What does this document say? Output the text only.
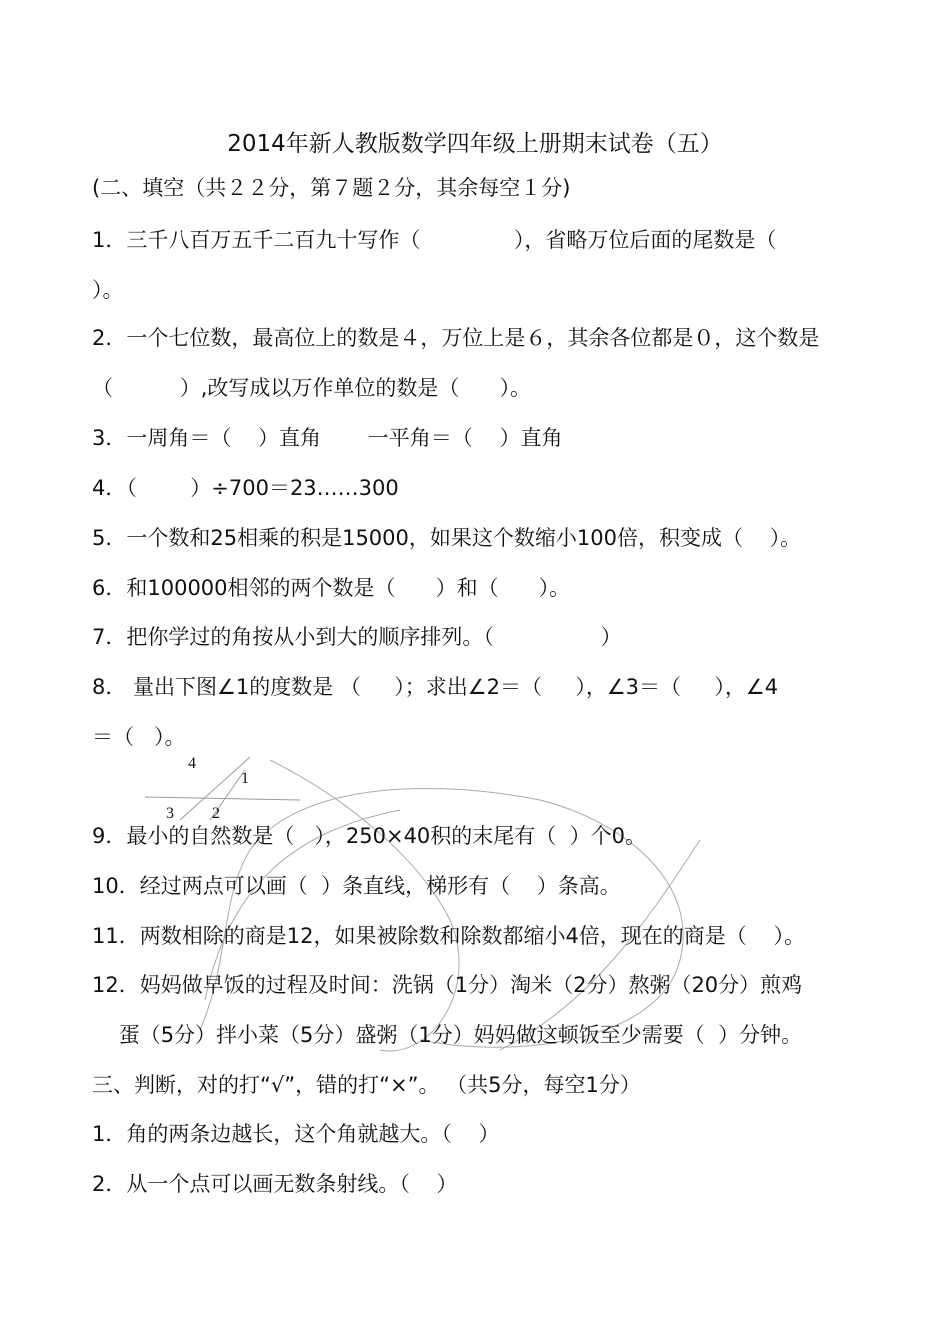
4
1
3 2
2014年新人教版数学四年级上册期末试卷（五）
(二、填空（共２２分，第７题２分，其余每空１分)
1．三千八百万五千二百九十写作（              ），省略万位后面的尾数是（
）。
2．一个七位数，最高位上的数是４，万位上是６，其余各位都是０，这个数是
（          ）,改写成以万作单位的数是（      ）。
3．一周角＝（    ）直角       一平角＝（    ）直角
4．（        ）÷700＝23……300
5．一个数和25相乘的积是15000，如果这个数缩小100倍，积变成（    ）。
6．和100000相邻的两个数是（      ）和（      ）。
7．把你学过的角按从小到大的顺序排列。（                ）
8． 量出下图∠1的度数是 （     ）；求出∠2＝（     ），∠3＝（     ），∠4
＝（   ）。
9．最小的自然数是（   ），250×40积的末尾有（  ）个0。
10．经过两点可以画（  ）条直线，梯形有（    ）条高。
11．两数相除的商是12，如果被除数和除数都缩小4倍，现在的商是（    ）。
12．妈妈做早饭的过程及时间：洗锅（1分）淘米（2分）熬粥（20分）煎鸡
蛋（5分）拌小菜（5分）盛粥（1分）妈妈做这顿饭至少需要（  ）分钟。
三、判断，对的打“√”，错的打“×”。 （共5分，每空1分）
1．角的两条边越长，这个角就越大。（    ）
2．从一个点可以画无数条射线。（    ）
